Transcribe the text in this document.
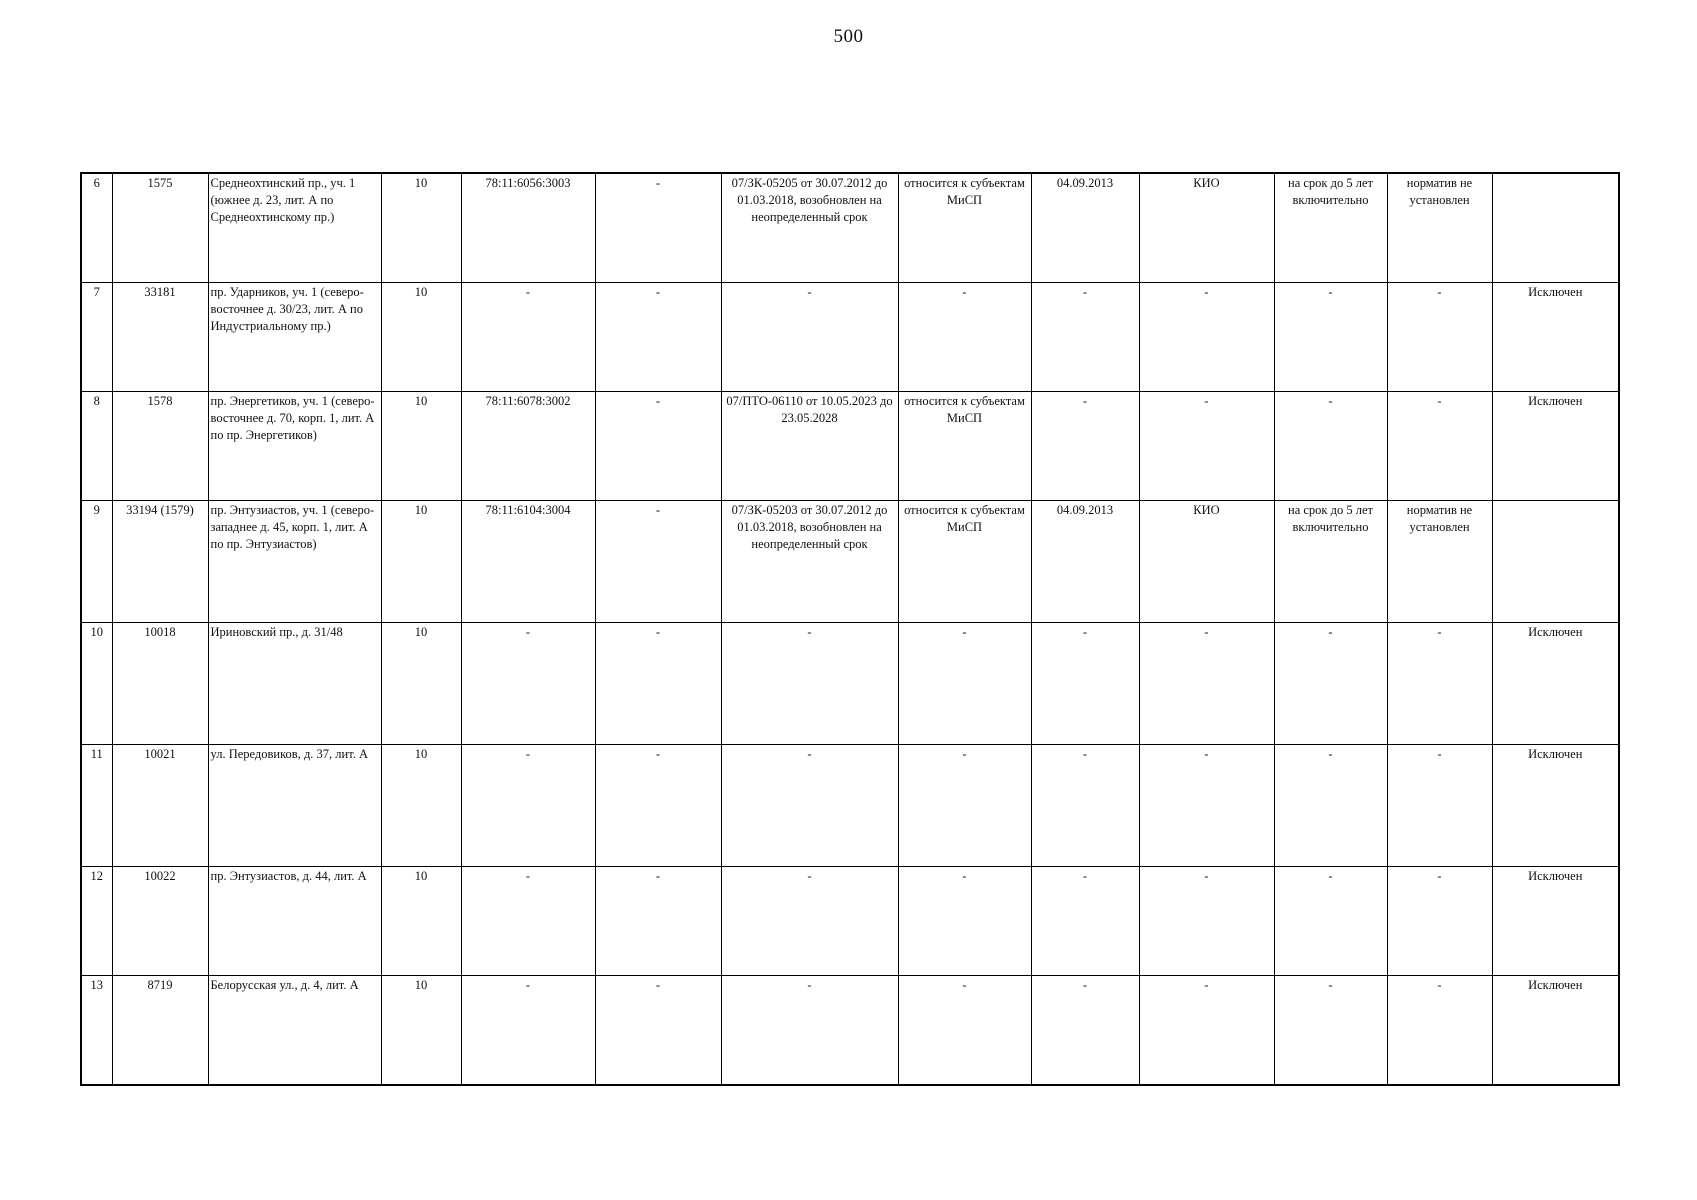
500
6	1575	Среднеохтинский пр., уч. 1 (южнее д. 23, лит. А по Среднеохтинскому пр.)	10	78:11:6056:3003	-	07/ЗК-05205 от 30.07.2012 до 01.03.2018, возобновлен на неопределенный срок	относится к субъектам МиСП	04.09.2013	КИО	на срок до 5 лет включительно	норматив не установлен	
7	33181	пр. Ударников, уч. 1 (северо-восточнее д. 30/23, лит. А по Индустриальному пр.)	10	-	-	-	-	-	-	-	-	Исключен
8	1578	пр. Энергетиков, уч. 1 (северо-восточнее д. 70, корп. 1, лит. А по пр. Энергетиков)	10	78:11:6078:3002	-	07/ПТО-06110 от 10.05.2023 до 23.05.2028	относится к субъектам МиСП	-	-	-	-	Исключен
9	33194 (1579)	пр. Энтузиастов, уч. 1 (северо-западнее д. 45, корп. 1, лит. А по пр. Энтузиастов)	10	78:11:6104:3004	-	07/ЗК-05203 от 30.07.2012 до 01.03.2018, возобновлен на неопределенный срок	относится к субъектам МиСП	04.09.2013	КИО	на срок до 5 лет включительно	норматив не установлен	
10	10018	Ириновский пр., д. 31/48	10	-	-	-	-	-	-	-	-	Исключен
11	10021	ул. Передовиков, д. 37, лит. А	10	-	-	-	-	-	-	-	-	Исключен
12	10022	пр. Энтузиастов, д. 44, лит. А	10	-	-	-	-	-	-	-	-	Исключен
13	8719	Белорусская ул., д. 4, лит. А	10	-	-	-	-	-	-	-	-	Исключен
